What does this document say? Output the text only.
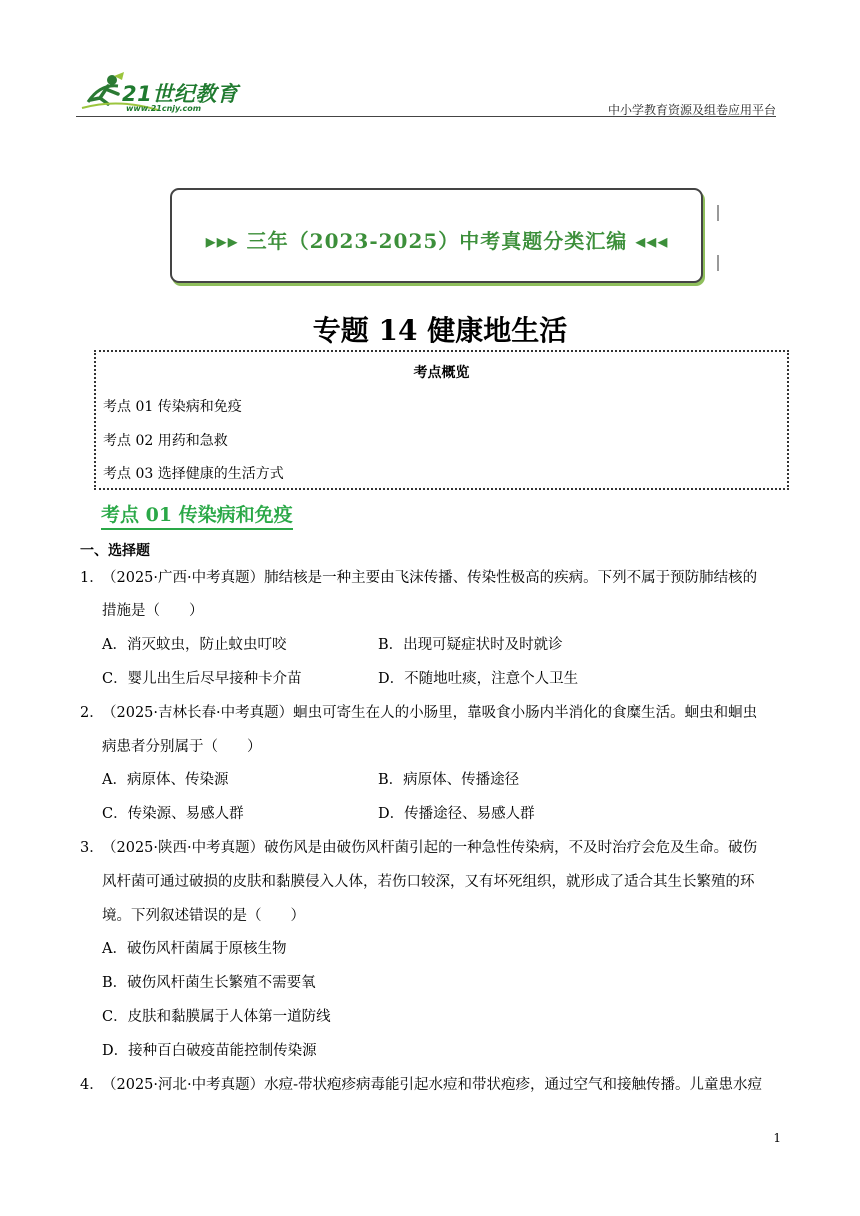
21世纪教育
www.21cnjy.com	中小学教育资源及组卷应用平台
▸▸▸ 三年（2023-2025）中考真题分类汇编 ◂◂◂
专题 14 健康地生活
考点概览
考点 01 传染病和免疫
考点 02 用药和急救
考点 03 选择健康的生活方式
考点 01 传染病和免疫
一、选择题
1．
（2025·广西·中考真题）肺结核是一种主要由飞沫传播、传染性极高的疾病。下列不属于预防肺结核的
措施是（　　）
A．消灭蚊虫，防止蚊虫叮咬	B．出现可疑症状时及时就诊
C．婴儿出生后尽早接种卡介苗	D．不随地吐痰，注意个人卫生
2．
（2025·吉林长春·中考真题）蛔虫可寄生在人的小肠里，靠吸食小肠内半消化的食糜生活。蛔虫和蛔虫
病患者分别属于（　　）
A．病原体、传染源	B．病原体、传播途径
C．传染源、易感人群	D．传播途径、易感人群
3．
（2025·陕西·中考真题）破伤风是由破伤风杆菌引起的一种急性传染病，不及时治疗会危及生命。破伤
风杆菌可通过破损的皮肤和黏膜侵入人体，若伤口较深，又有坏死组织，就形成了适合其生长繁殖的环
境。下列叙述错误的是（　　）
A．破伤风杆菌属于原核生物
B．破伤风杆菌生长繁殖不需要氧
C．皮肤和黏膜属于人体第一道防线
D．接种百白破疫苗能控制传染源
4．
（2025·河北·中考真题）水痘-带状疱疹病毒能引起水痘和带状疱疹，通过空气和接触传播。儿童患水痘
1
